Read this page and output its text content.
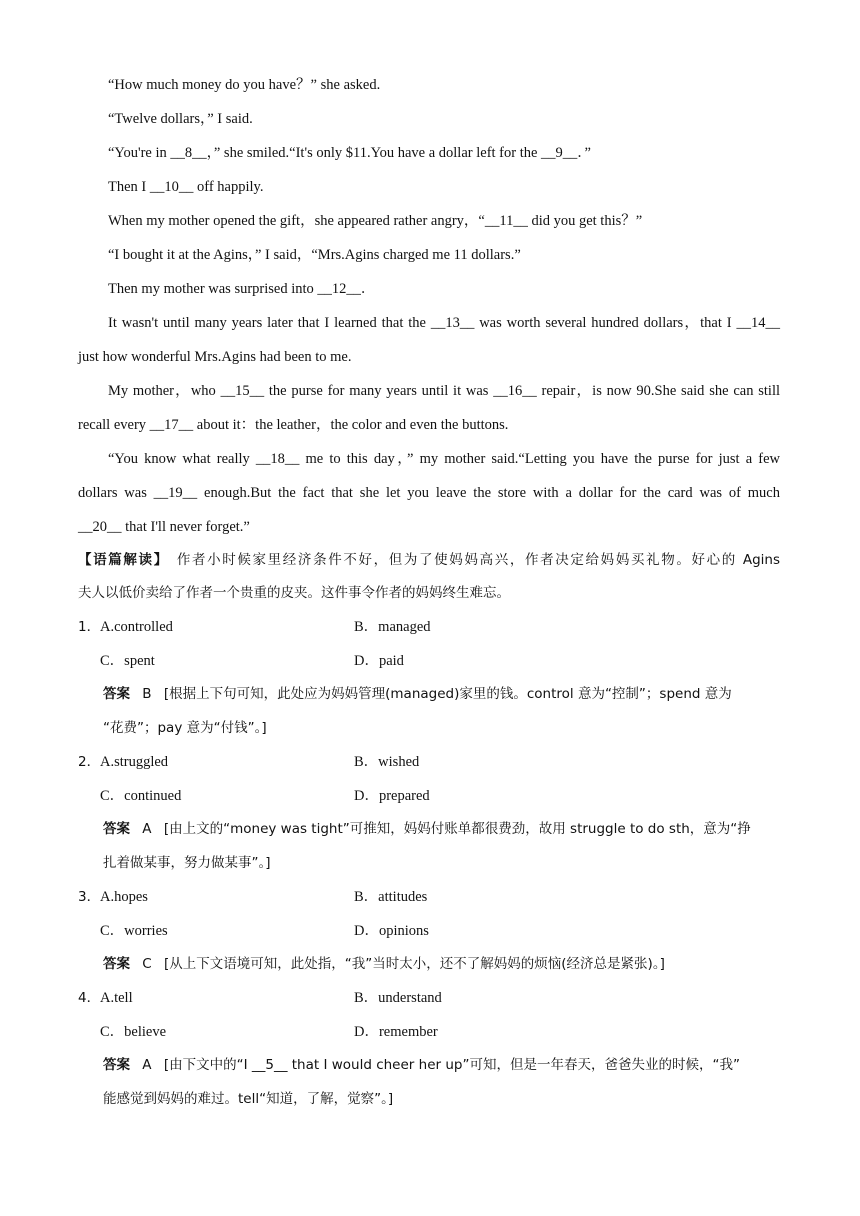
“How much money do you have？” she asked.
“Twelve dollars，” I said.
“You're in __8__，” she smiled.“It's only $11.You have a dollar left for the __9__．”
Then I __10__ off happily.
When my mother opened the gift，she appeared rather angry，“__11__ did you get this？”
“I bought it at the Agins，” I said，“Mrs.Agins charged me 11 dollars.”
Then my mother was surprised into __12__．
It wasn't until many years later that I learned that the __13__ was worth several hundred dollars，that I __14__
just how wonderful Mrs.Agins had been to me.
My mother，who __15__ the purse for many years until it was __16__ repair，is now 90.She said she can still
recall every __17__ about it：the leather，the color and even the buttons.
“You know what really __18__ me to this day，” my mother said.“Letting you have the purse for just a few
dollars was __19__ enough.But the fact that she let you leave the store with a dollar for the card was of much
__20__ that I'll never forget.”
【语篇解读】 作者小时候家里经济条件不好，但为了使妈妈高兴，作者决定给妈妈买礼物。好心的 Agins
夫人以低价卖给了作者一个贵重的皮夹。这件事令作者的妈妈终生难忘。
1． A.controlled	B．managed
C．spent	D．paid
答案 B [根据上下句可知，此处应为妈妈管理(managed)家里的钱。control 意为“控制”；spend 意为
“花费”；pay 意为“付钱”。]
2． A.struggled	B．wished
C．continued	D．prepared
答案 A [由上文的“money was tight”可推知，妈妈付账单都很费劲，故用 struggle to do sth，意为“挣
扎着做某事，努力做某事”。]
3． A.hopes	B．attitudes
C．worries	D．opinions
答案 C [从上下文语境可知，此处指，“我”当时太小，还不了解妈妈的烦恼(经济总是紧张)。]
4． A.tell	B．understand
C．believe	D．remember
答案 A [由下文中的“I __5__ that I would cheer her up”可知，但是一年春天，爸爸失业的时候，“我”
能感觉到妈妈的难过。tell“知道，了解，觉察”。]
